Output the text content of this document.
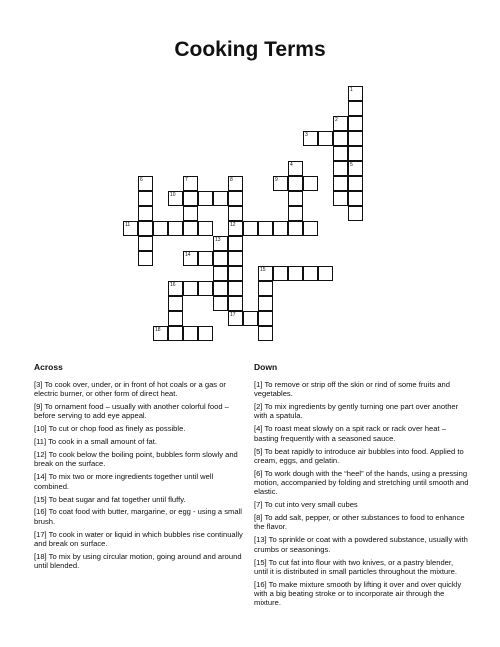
Cooking Terms
1
5
2
4
6	7	8
12
13
15
16
3
9
10
11
14
17
18
Across	Down

[3] To cook over, under, or in front of hot coals or a gas or electric burner, or other form of direct heat.

[9] To ornament food – usually with another colorful food – before serving to add eye appeal.

[10] To cut or chop food as finely as possible.

[11] To cook in a small amount of fat.

[12] To cook below the boiling point, bubbles form slowly and break on the surface.

[14] To mix two or more ingredients together until well combined.

[15] To beat sugar and fat together until fluffy.

[16] To coat food with butter, margarine, or egg - using a small brush.

[17] To cook in water or liquid in which bubbles rise continually and break on surface.

[18] To mix by using circular motion, going around and around until blended.

[1] To remove or strip off the skin or rind of some fruits and vegetables.

[2] To mix ingredients by gently turning one part over another with a spatula.

[4] To roast meat slowly on a spit rack or rack over heat – basting frequently with a seasoned sauce.

[5] To beat rapidly to introduce air bubbles into food. Applied to cream, eggs, and gelatin.

[6] To work dough with the “heel” of the hands, using a pressing motion, accompanied by folding and stretching until smooth and elastic.

[7] To cut into very small cubes

[8] To add salt, pepper, or other substances to food to enhance the flavor.

[13] To sprinkle or coat with a powdered substance, usually with crumbs or seasonings.

[15] To cut fat into flour with two knives, or a pastry blender, until it is distributed in small particles throughout the mixture.

[16] To make mixture smooth by lifting it over and over quickly with a big beating stroke or to incorporate air through the mixture.
